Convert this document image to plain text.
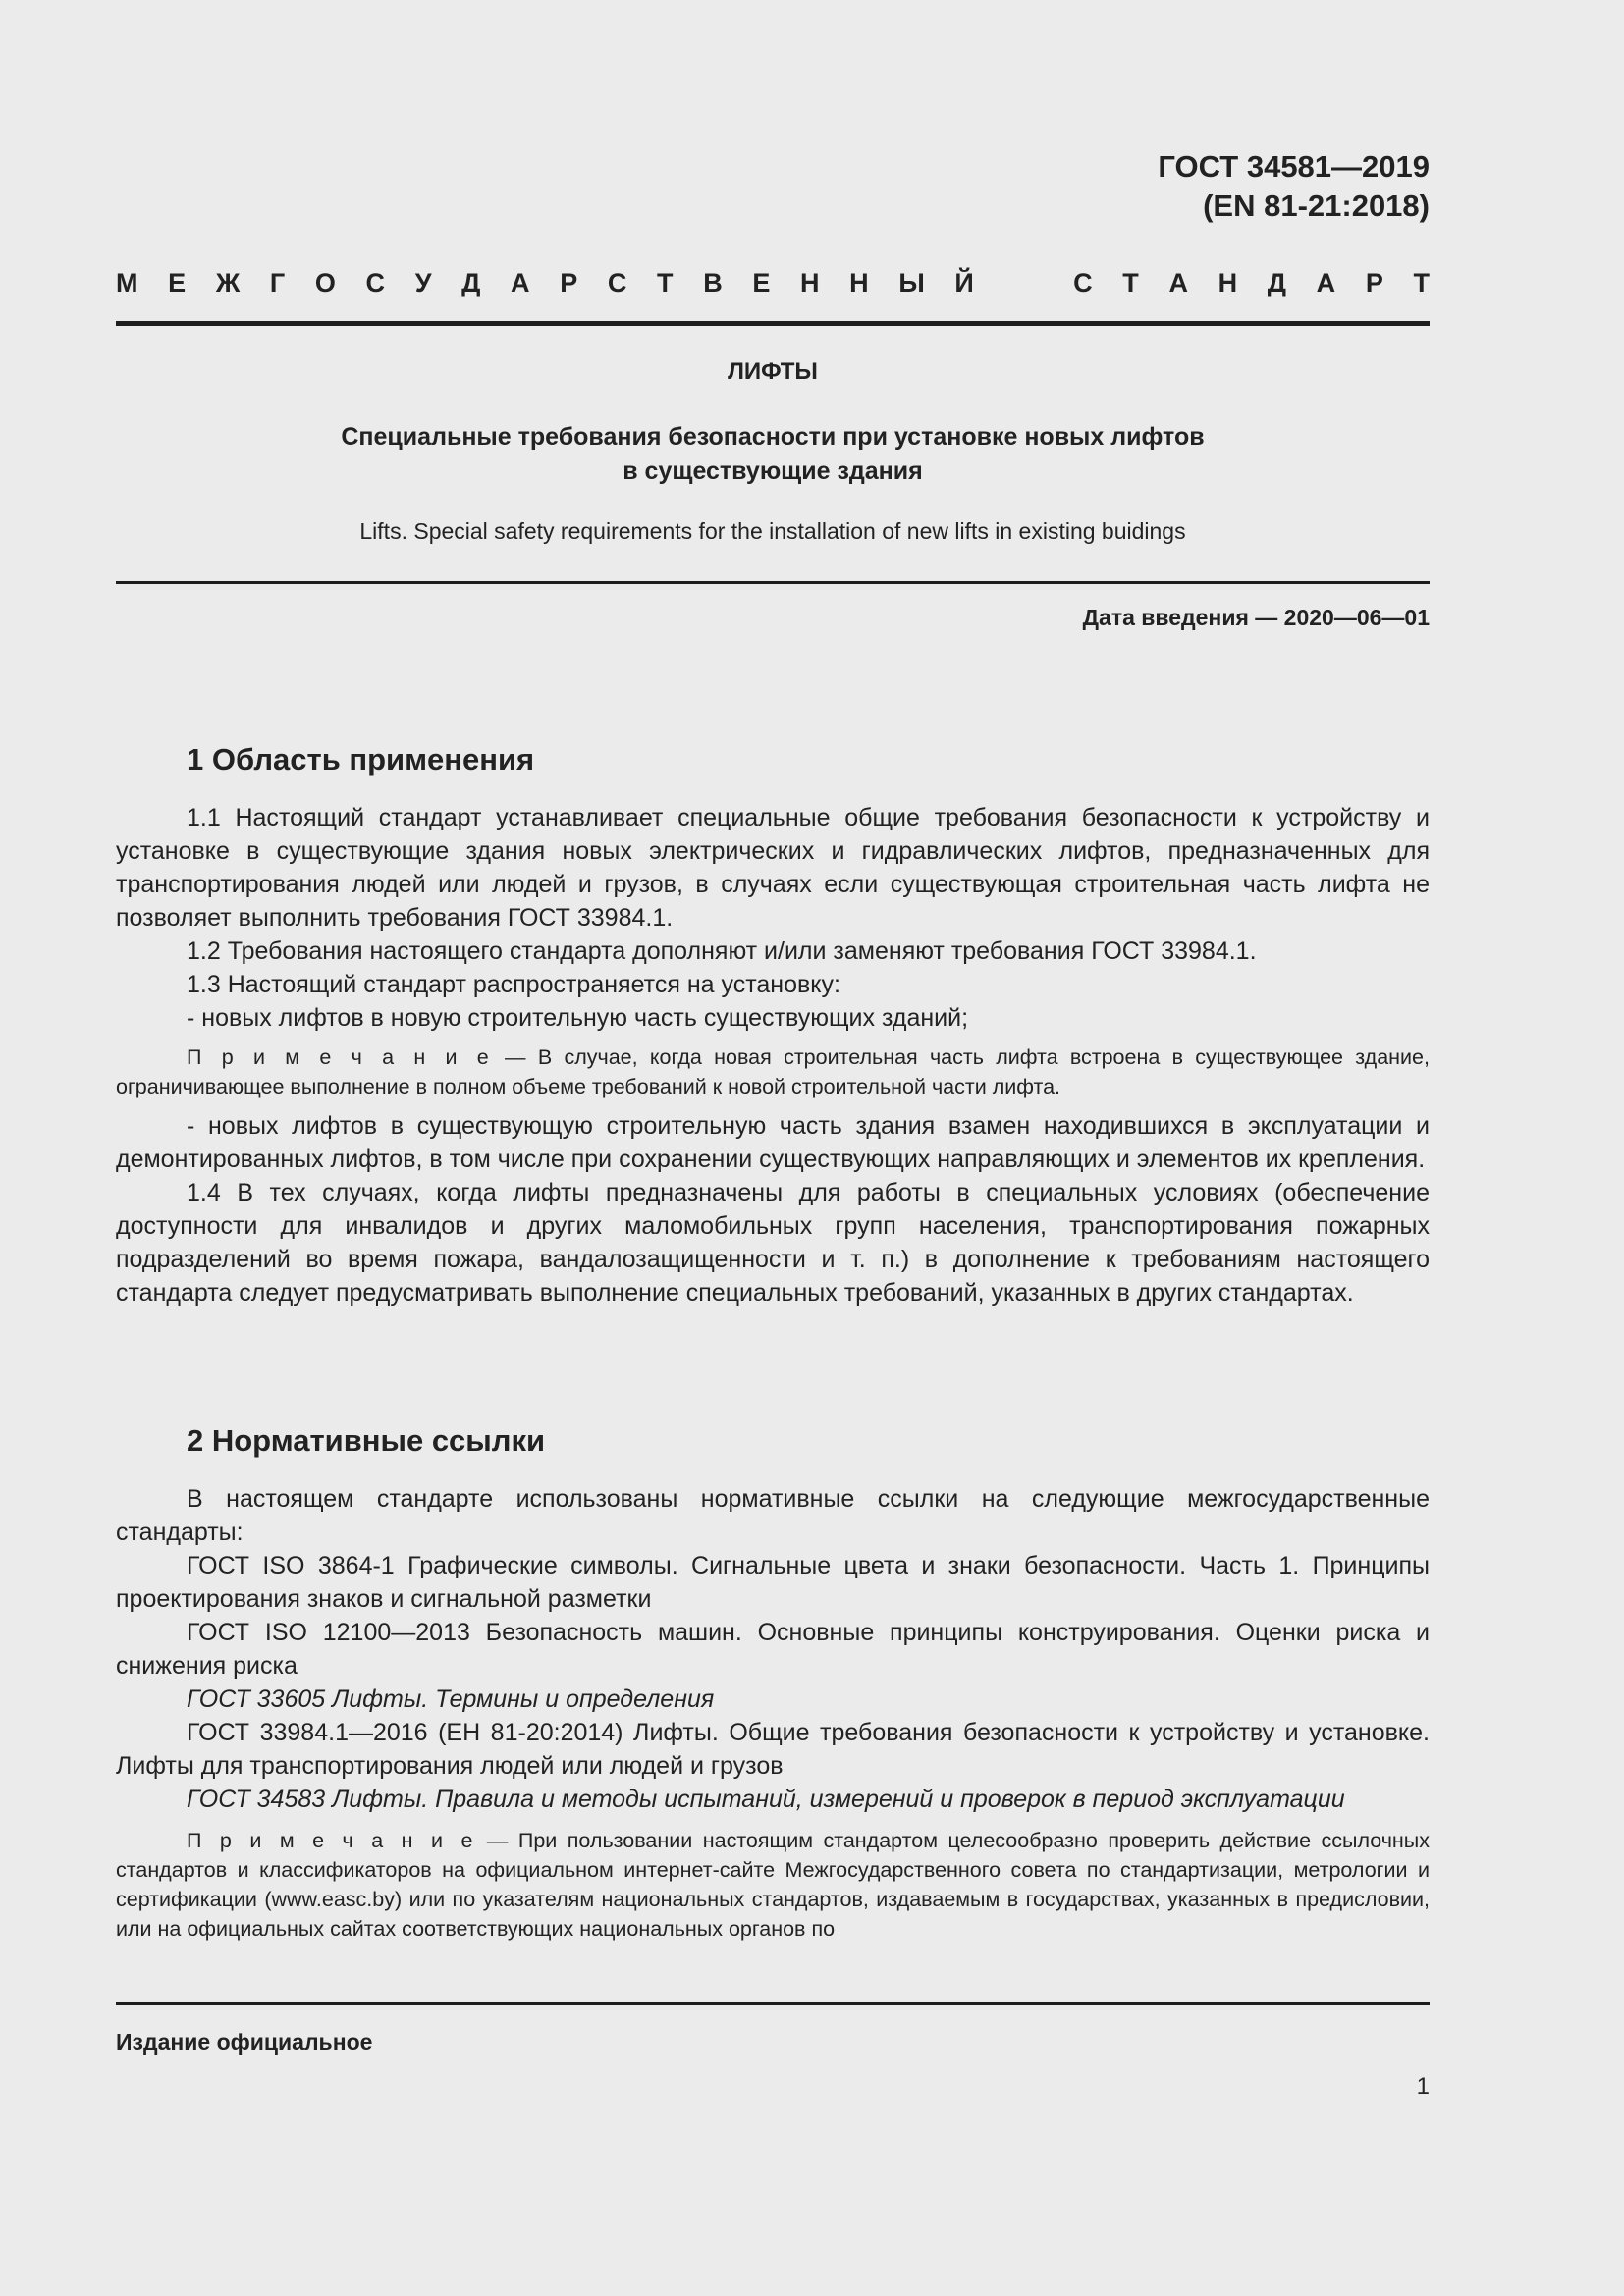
ГОСТ 34581—2019
(EN 81-21:2018)
М Е Ж Г О С У Д А Р С Т В Е Н Н Ы Й	С Т А Н Д А Р Т
ЛИФТЫ
Специальные требования безопасности при установке новых лифтов
в существующие здания
Lifts. Special safety requirements for the installation of new lifts in existing buidings
Дата введения — 2020—06—01
1 Область применения

1.1 Настоящий стандарт устанавливает специальные общие требования безопасности к устройству и установке в существующие здания новых электрических и гидравлических лифтов, предназначенных для транспортирования людей или людей и грузов, в случаях если существующая строительная часть лифта не позволяет выполнить требования ГОСТ 33984.1.

1.2 Требования настоящего стандарта дополняют и/или заменяют требования ГОСТ 33984.1.

1.3 Настоящий стандарт распространяется на установку:

- новых лифтов в новую строительную часть существующих зданий;

П р и м е ч а н и е — В случае, когда новая строительная часть лифта встроена в существующее здание, ограничивающее выполнение в полном объеме требований к новой строительной части лифта.

- новых лифтов в существующую строительную часть здания взамен находившихся в эксплуатации и демонтированных лифтов, в том числе при сохранении существующих направляющих и элементов их крепления.

1.4 В тех случаях, когда лифты предназначены для работы в специальных условиях (обеспечение доступности для инвалидов и других маломобильных групп населения, транспортирования пожарных подразделений во время пожара, вандалозащищенности и т. п.) в дополнение к требованиям настоящего стандарта следует предусматривать выполнение специальных требований, указанных в других стандартах.

2 Нормативные ссылки

В настоящем стандарте использованы нормативные ссылки на следующие межгосударственные стандарты:

ГОСТ ISO 3864-1 Графические символы. Сигнальные цвета и знаки безопасности. Часть 1. Принципы проектирования знаков и сигнальной разметки

ГОСТ ISO 12100—2013 Безопасность машин. Основные принципы конструирования. Оценки риска и снижения риска

ГОСТ 33605 Лифты. Термины и определения

ГОСТ 33984.1—2016 (ЕН 81-20:2014) Лифты. Общие требования безопасности к устройству и установке. Лифты для транспортирования людей или людей и грузов

ГОСТ 34583 Лифты. Правила и методы испытаний, измерений и проверок в период эксплуатации

П р и м е ч а н и е — При пользовании настоящим стандартом целесообразно проверить действие ссылочных стандартов и классификаторов на официальном интернет-сайте Межгосударственного совета по стандартизации, метрологии и сертификации (www.easc.by) или по указателям национальных стандартов, издаваемым в государствах, указанных в предисловии, или на официальных сайтах соответствующих национальных органов по

Издание официальное
1
